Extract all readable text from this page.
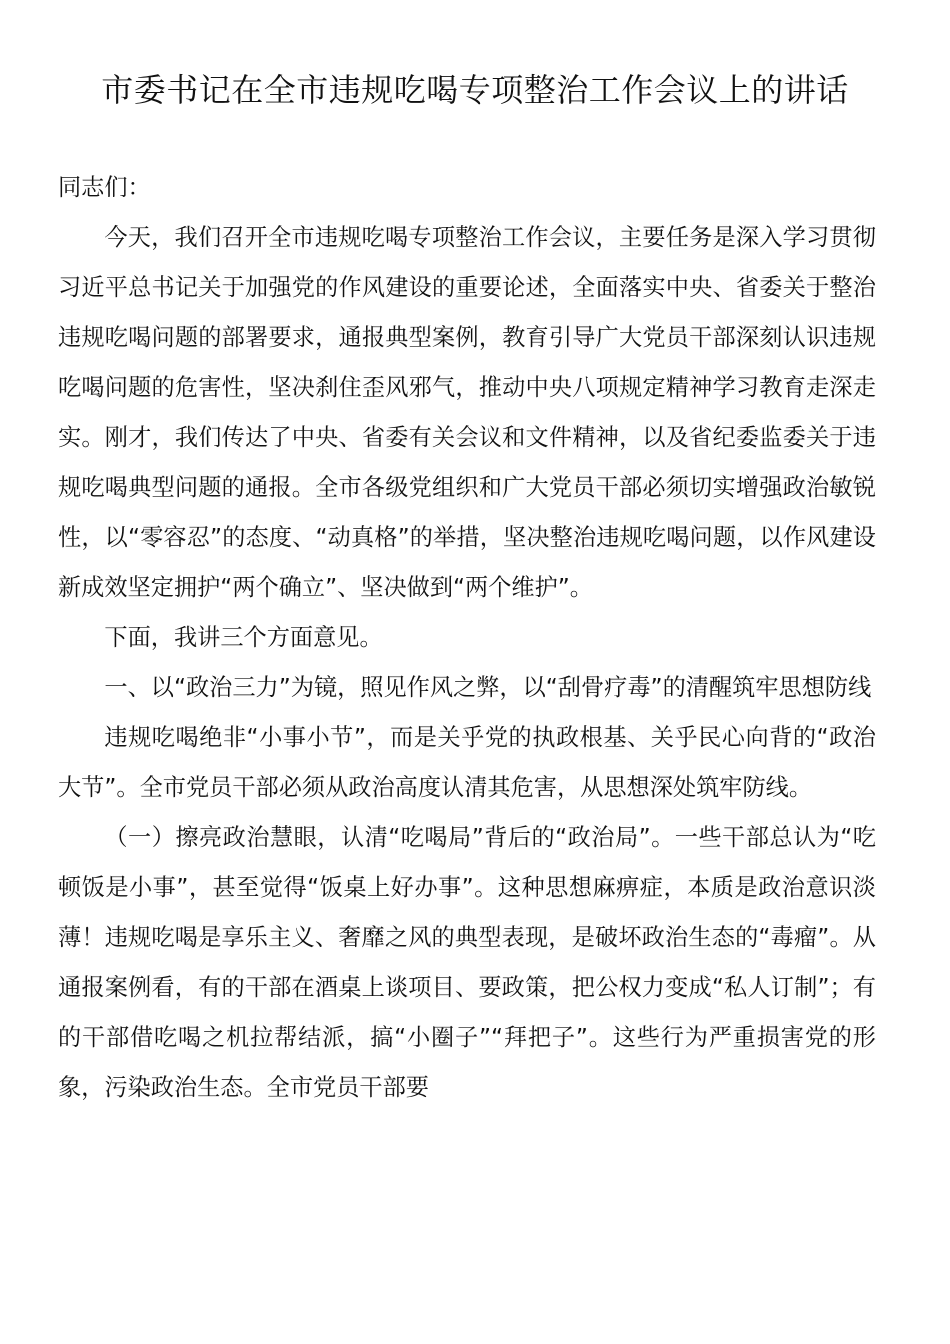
市委书记在全市违规吃喝专项整治工作会议上的讲话

同志们：

今天，我们召开全市违规吃喝专项整治工作会议，主要任务是深入学习贯彻习近平总书记关于加强党的作风建设的重要论述，全面落实中央、省委关于整治违规吃喝问题的部署要求，通报典型案例，教育引导广大党员干部深刻认识违规吃喝问题的危害性，坚决刹住歪风邪气，推动中央八项规定精神学习教育走深走实。刚才，我们传达了中央、省委有关会议和文件精神，以及省纪委监委关于违规吃喝典型问题的通报。全市各级党组织和广大党员干部必须切实增强政治敏锐性，以“零容忍”的态度、“动真格”的举措，坚决整治违规吃喝问题，以作风建设新成效坚定拥护“两个确立”、坚决做到“两个维护”。

下面，我讲三个方面意见。

一、以“政治三力”为镜，照见作风之弊，以“刮骨疗毒”的清醒筑牢思想防线

违规吃喝绝非“小事小节”，而是关乎党的执政根基、关乎民心向背的“政治大节”。全市党员干部必须从政治高度认清其危害，从思想深处筑牢防线。

（一）擦亮政治慧眼，认清“吃喝局”背后的“政治局”。一些干部总认为“吃顿饭是小事”，甚至觉得“饭桌上好办事”。这种思想麻痹症，本质是政治意识淡薄！违规吃喝是享乐主义、奢靡之风的典型表现，是破坏政治生态的“毒瘤”。从通报案例看，有的干部在酒桌上谈项目、要政策，把公权力变成“私人订制”；有的干部借吃喝之机拉帮结派，搞“小圈子”“拜把子”。这些行为严重损害党的形象，污染政治生态。全市党员干部要
